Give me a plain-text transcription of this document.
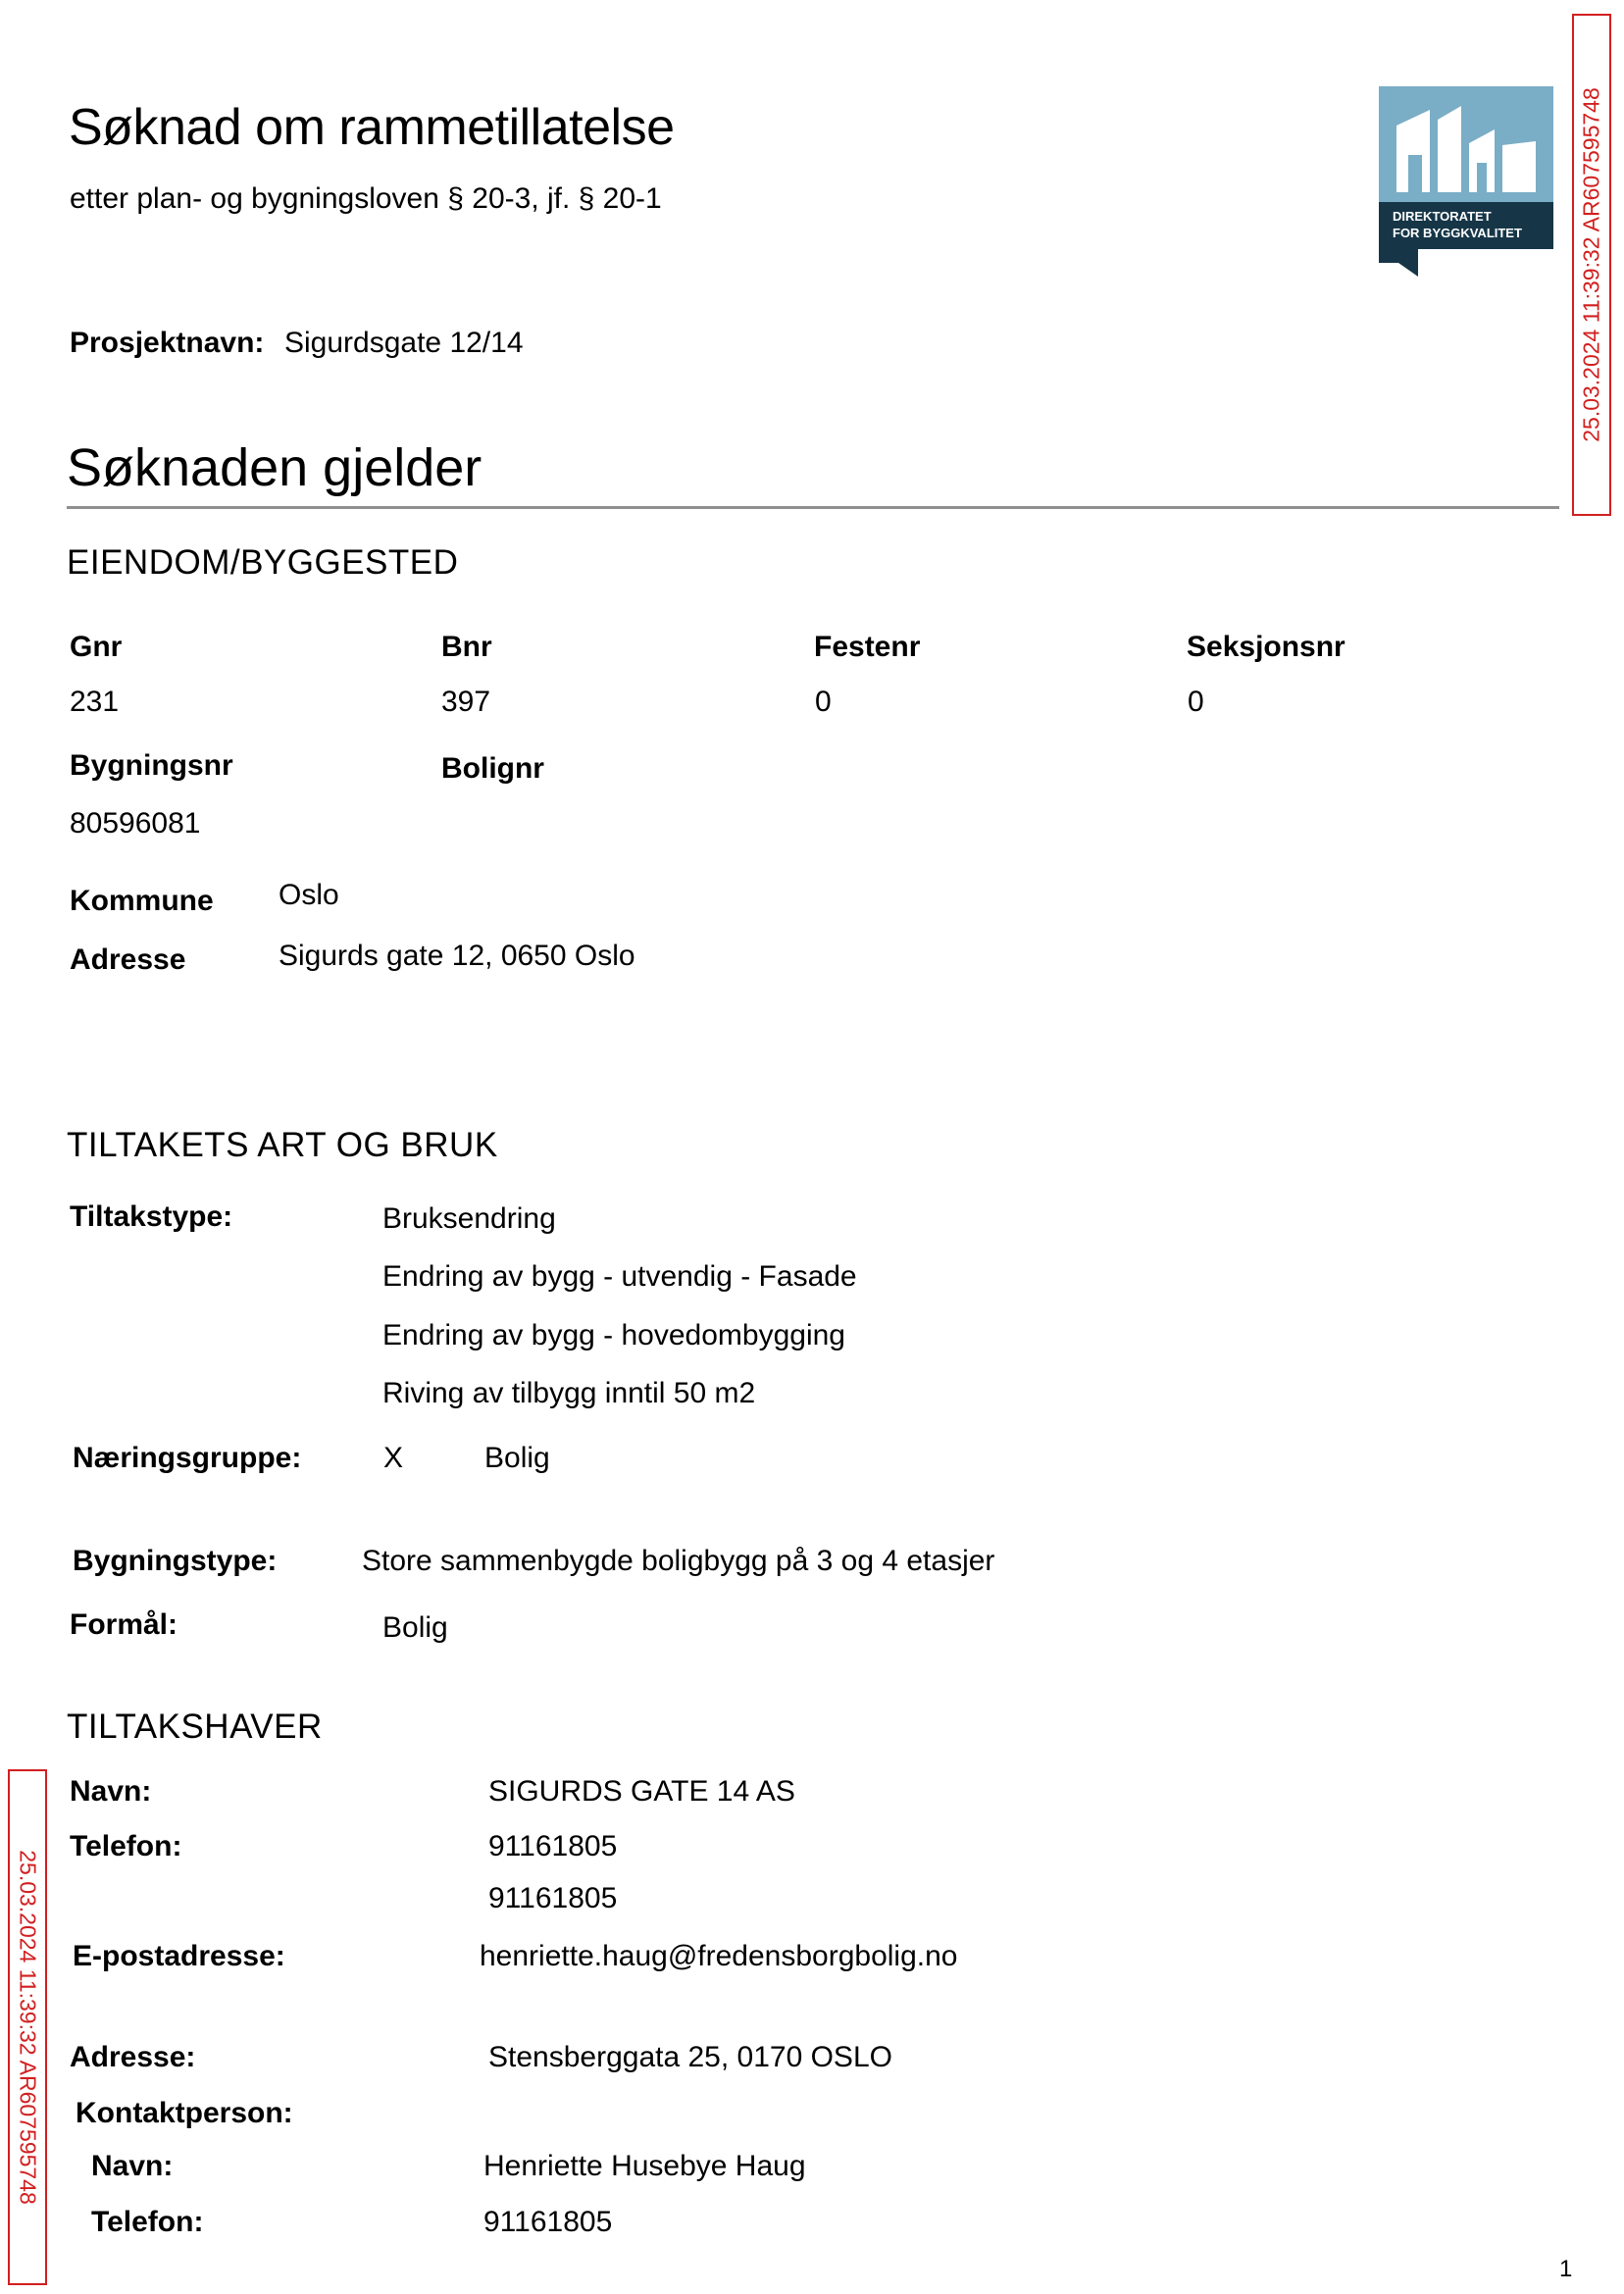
Søknad om rammetillatelse
etter plan- og bygningsloven § 20-3, jf. § 20-1
DIREKTORATET
FOR BYGGKVALITET	25.03.2024 11:39:32 AR607595748
Prosjektnavn: Sigurdsgate 12/14
Søknaden gjelder
EIENDOM/BYGGESTED
Gnr	Bnr	Festenr	Seksjonsnr
231	397	0	0
Bygningsnr	Bolignr
80596081
Kommune Oslo
Adresse	Sigurds gate 12, 0650 Oslo
TILTAKETS ART OG BRUK
Tiltakstype:	Bruksendring
Endring av bygg - utvendig - Fasade
Endring av bygg - hovedombygging
Riving av tilbygg inntil 50 m2
Næringsgruppe:	X	Bolig
Bygningstype:	Store sammenbygde boligbygg på 3 og 4 etasjer
Formål:	Bolig
TILTAKSHAVER
Navn:	SIGURDS GATE 14 AS
Telefon:	91161805
91161805
E-postadresse:	henriette.haug@fredensborgbolig.no
Adresse:	Stensberggata 25, 0170 OSLO
Kontaktperson:
Navn:	Henriette Husebye Haug
Telefon:	91161805
25.03.2024 11:39:32 AR607595748
1
